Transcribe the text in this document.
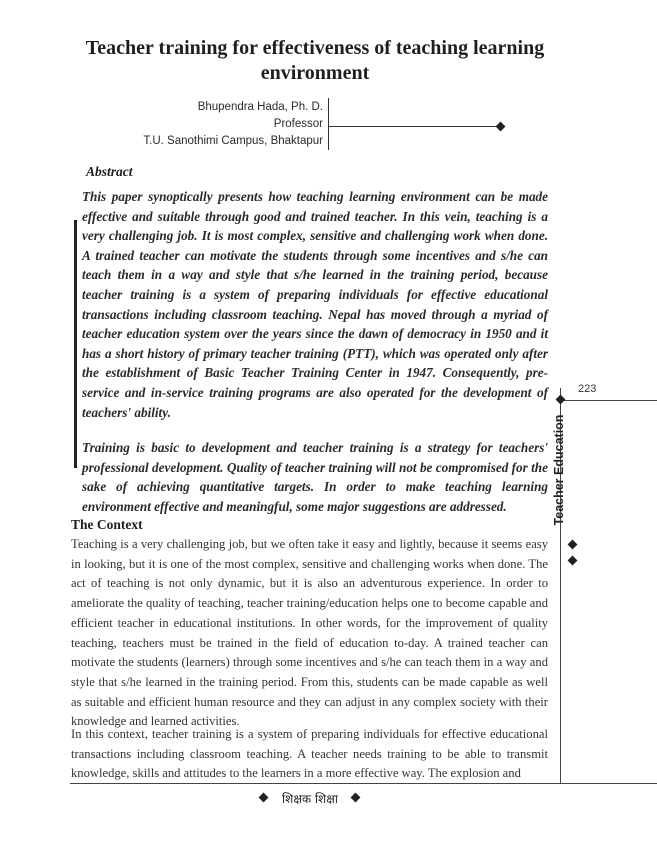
Teacher training for effectiveness of teaching learning environment
Bhupendra Hada, Ph. D.
Professor
T.U. Sanothimi Campus, Bhaktapur
Abstract

This paper synoptically presents how teaching learning environment can be made effective and suitable through good and trained teacher. In this vein, teaching is a very challenging job. It is most complex, sensitive and challenging work when done. A trained teacher can motivate the students through some incentives and s/he can teach them in a way and style that s/he learned in the training period, because teacher training is a system of preparing individuals for effective educational transactions including classroom teaching. Nepal has moved through a myriad of teacher education system over the years since the dawn of democracy in 1950 and it has a short history of primary teacher training (PTT), which was operated only after the establishment of Basic Teacher Training Center in 1947. Consequently, pre-service and in-service training programs are also operated for the development of teachers' ability.

Training is basic to development and teacher training is a strategy for teachers' professional development. Quality of teacher training will not be compromised for the sake of achieving quantitative targets. In order to make teaching learning environment effective and meaningful, some major suggestions are addressed.

The Context

Teaching is a very challenging job, but we often take it easy and lightly, because it seems easy in looking, but it is one of the most complex, sensitive and challenging works when done. The act of teaching is not only dynamic, but it is also an adventurous experience. In order to ameliorate the quality of teaching, teacher training/education helps one to become capable and efficient teacher in educational institutions. In other words, for the improvement of quality teaching, teachers must be trained in the field of education to-day. A trained teacher can motivate the students (learners) through some incentives and s/he can teach them in a way and style that s/he learned in the training period. From this, students can be made capable as well as suitable and efficient human resource and they can adjust in any complex society with their knowledge and learned activities.

In this context, teacher training is a system of preparing individuals for effective educational transactions including classroom teaching. A teacher needs training to be able to transmit knowledge, skills and attitudes to the learners in a more effective way. The explosion and

223
Teacher Education
शिक्षक शिक्षा
